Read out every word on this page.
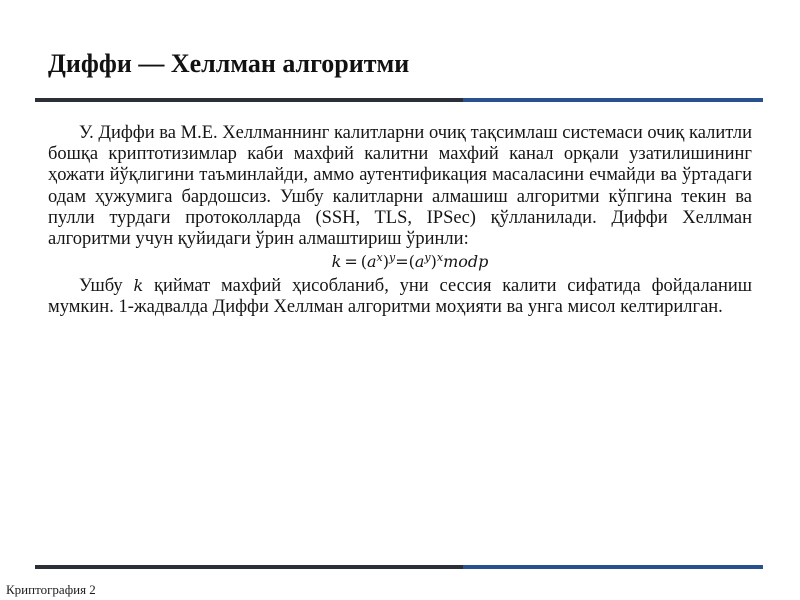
Диффи — Хеллман алгоритми

У. Диффи ва М.Е. Хеллманнинг калитларни очиқ тақсимлаш системаси очиқ калитли бошқа криптотизимлар каби махфий калитни махфий канал орқали узатилишининг ҳожати йўқлигини таъминлайди, аммо аутентификация масаласини ечмайди ва ўртадаги одам ҳужумига бардошсиз. Ушбу калитларни алмашиш алгоритми кўпгина текин ва пулли турдаги протоколларда (SSH, TLS, IPSec) қўлланилади. Диффи Хеллман алгоритми учун қуйидаги ўрин алмаштириш ўринли:

$k = (a^x)^y=(a^y)^xmodp$

Ушбу k қиймат махфий ҳисобланиб, уни сессия калити сифатида фойдаланиш мумкин. 1-жадвалда Диффи Хеллман алгоритми моҳияти ва унга мисол келтирилган.

Криптография 2
